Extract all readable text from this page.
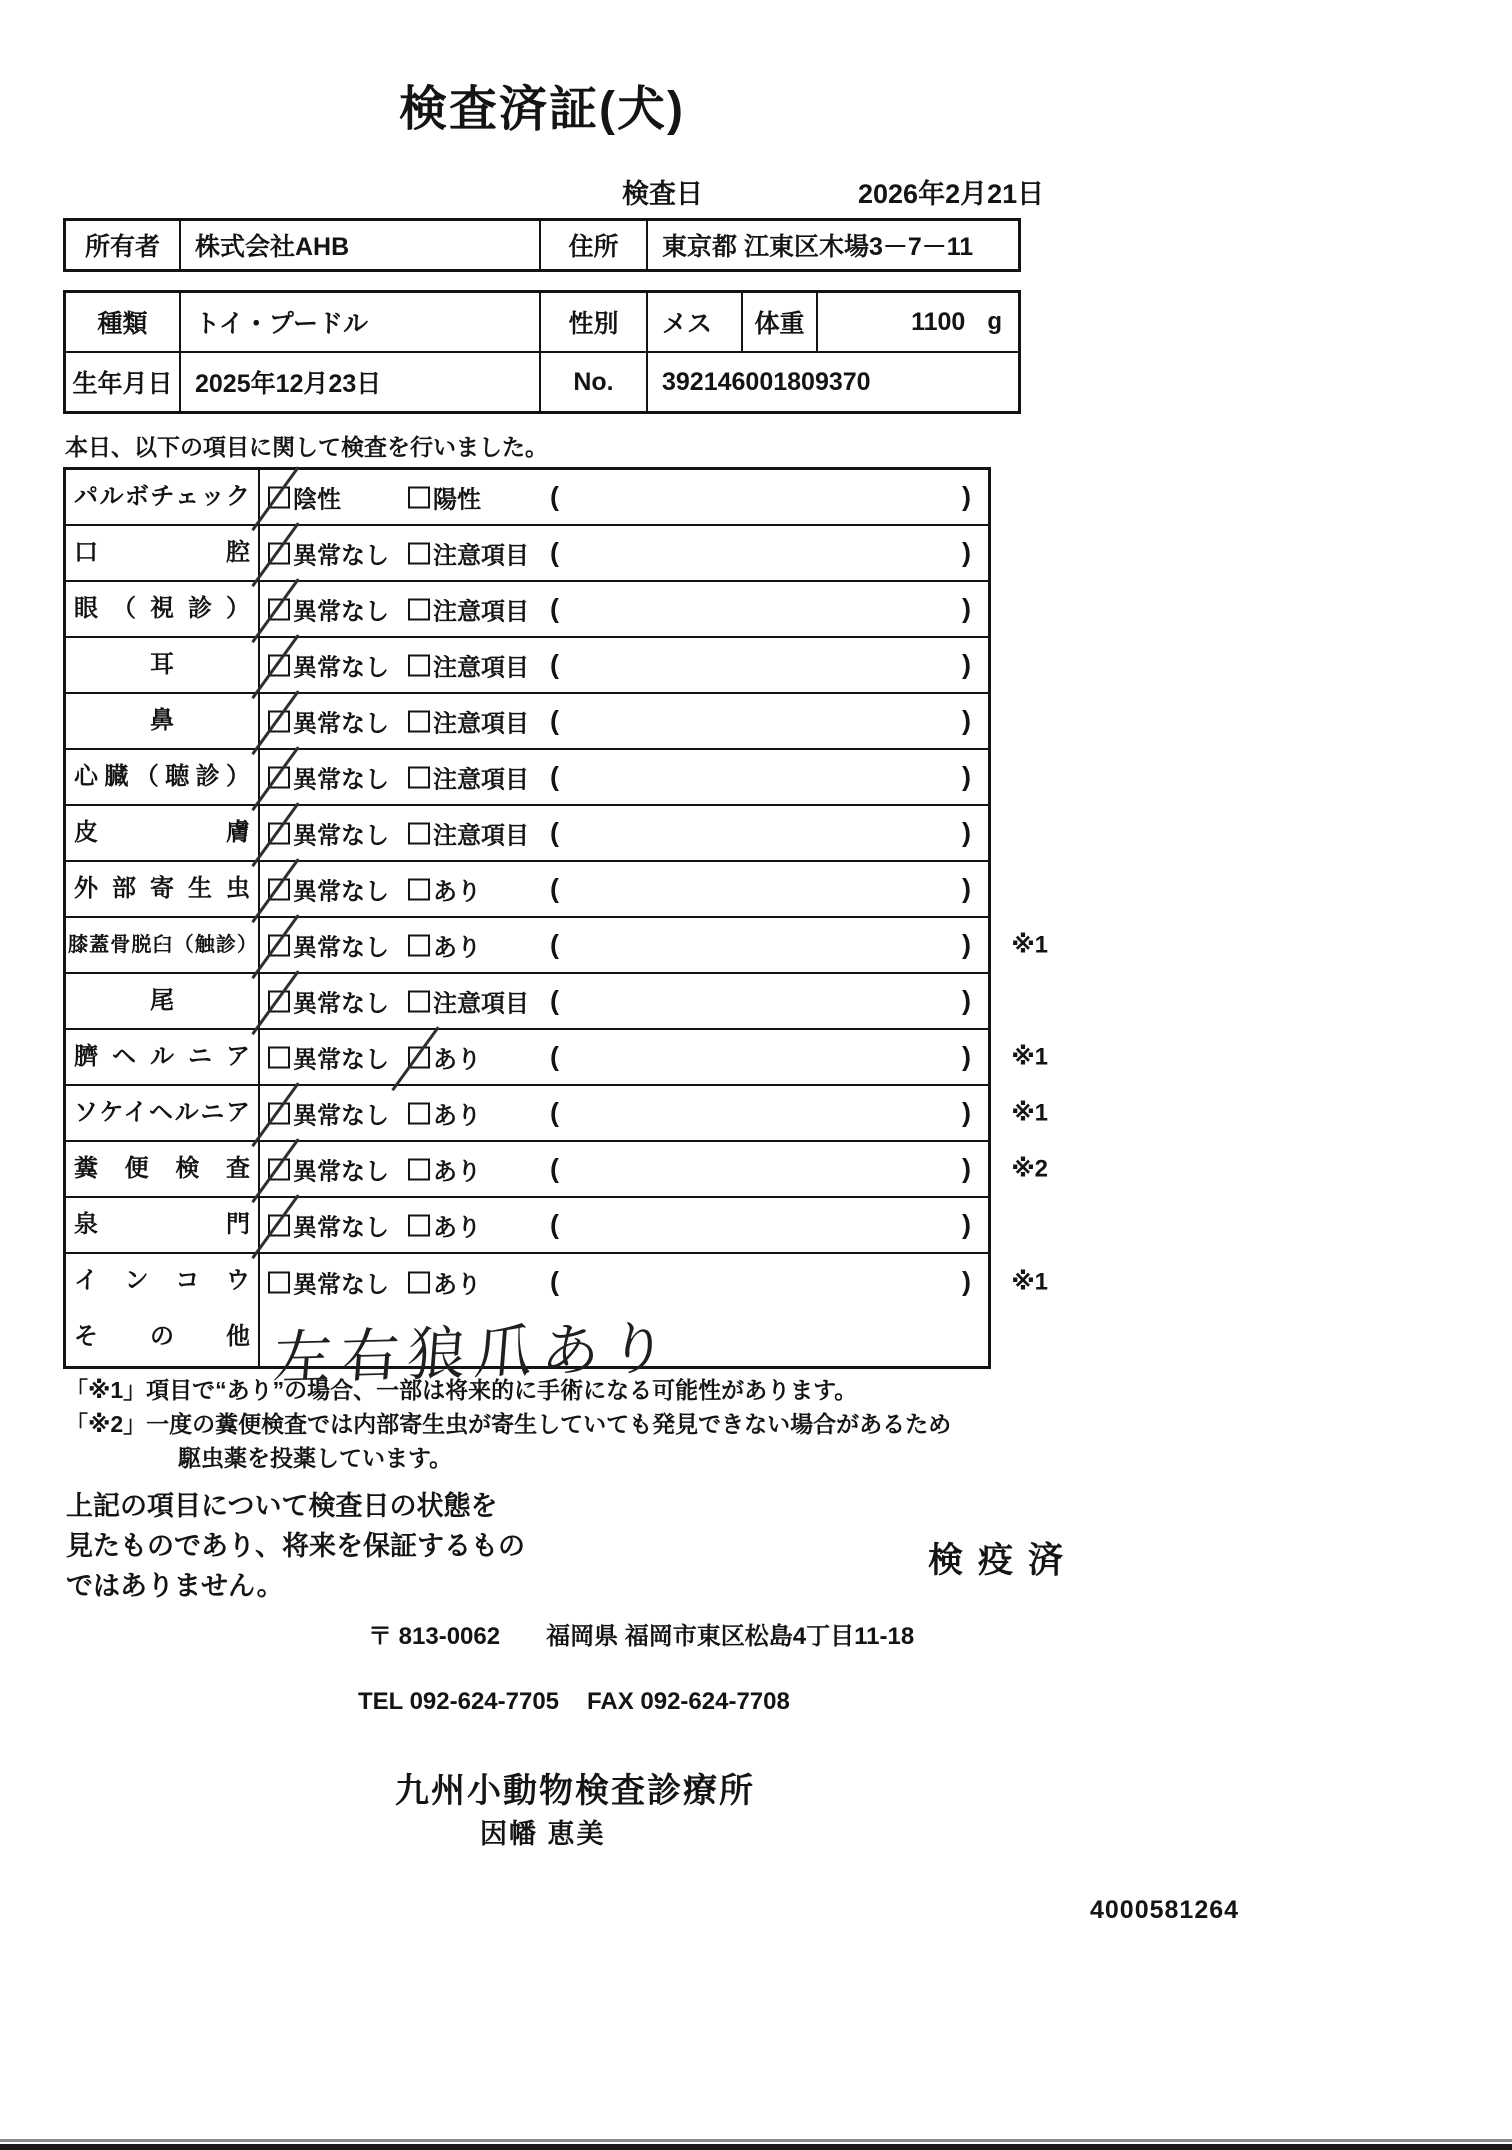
検査済証(犬)
検査日	2026年2月21日
所有者	株式会社AHB	住所	東京都 江東区木場3－7－11
種類	トイ・プードル	性別	メス	体重	1100 g
生年月日 2025年12月23日	No.	392146001809370
本日、以下の項目に関して検査を行いました。
パルボチェック	陰性	陽性	(	)
口腔	異常なし 注意項目 (	)
眼（視診）	異常なし 注意項目 (	)
耳	異常なし 注意項目 (	)
鼻	異常なし 注意項目 (	)
心臓（聴診）	異常なし 注意項目 (	)
皮膚	異常なし 注意項目 (	)
外部寄生虫	異常なし あり	(	)
膝蓋骨脱臼（触診） 異常なし あり	(	) ※1
尾	異常なし 注意項目 (	)
臍ヘルニア	異常なし あり	(	) ※1
ソケイヘルニア	異常なし あり	(	) ※1
糞便検査	異常なし あり	(	) ※2
泉門	異常なし あり	(	)
インコウ	異常なし あり	(	) ※1
その他 左右狼爪あり
「※1」項目で“あり”の場合、一部は将来的に手術になる可能性があります。
「※2」一度の糞便検査では内部寄生虫が寄生していても発見できない場合があるため
駆虫薬を投薬しています。
上記の項目について検査日の状態を
見たものであり、将来を保証するもの
ではありません。
検疫済
〒 813-0062 福岡県 福岡市東区松島4丁目11-18
TEL 092-624-7705 FAX 092-624-7708
九州小動物検査診療所
因幡 恵美
4000581264
